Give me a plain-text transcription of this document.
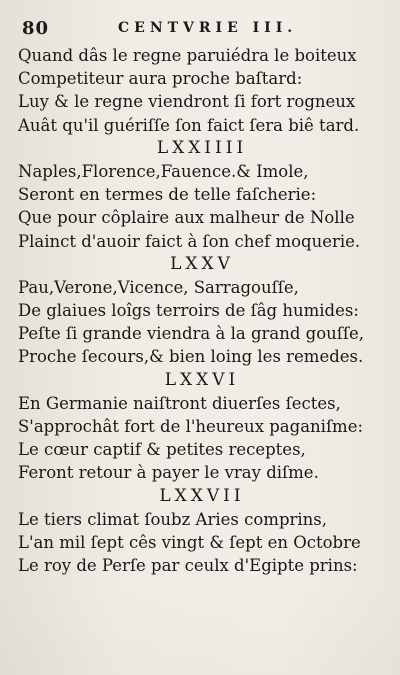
80	CENTVRIE III.
Quand dâs le regne paruiédra le boiteux
Competiteur aura proche baſtard:
Luy & le regne viendront ſi fort rogneux
Auât qu'il guériſſe ſon faict ſera biê tard.
LXXIIII
Naples,Florence,Fauence.& Imole,
Seront en termes de telle faſcherie:
Que pour côplaire aux malheur de Nolle
Plainct d'auoir faict à ſon chef moquerie.
LXXV
Pau,Verone,Vicence, Sarragouſſe,
De glaiues loîgs terroirs de ſâg humides:
Peſte ſi grande viendra à la grand gouſſe,
Proche ſecours,& bien loing les remedes.
LXXVI
En Germanie naiſtront diuerſes ſectes,
S'approchât fort de l'heureux paganiſme:
Le cœur captif & petites receptes,
Feront retour à payer le vray diſme.
LXXVII
Le tiers climat ſoubz Aries comprins,
L'an mil ſept cês vingt & ſept en Octobre
Le roy de Perſe par ceulx d'Egipte prins:
